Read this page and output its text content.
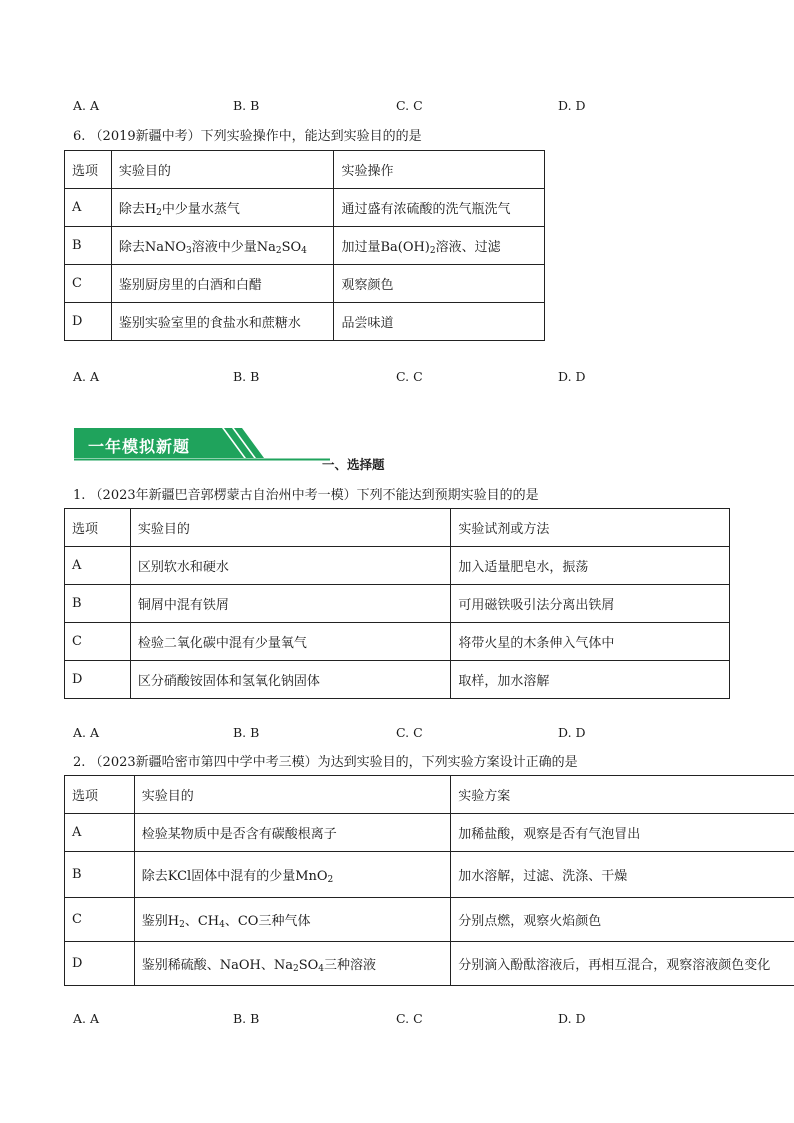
A. A	B. B	C. C	D. D
6. （2019新疆中考）下列实验操作中，能达到实验目的的是
选项	实验目的	实验操作
A	除去$H_2$中少量水蒸气	通过盛有浓硫酸的洗气瓶洗气
B	除去NaNO$_3$溶液中少量$Na_2SO_4$	加过量$Ba(OH)_2$溶液、过滤
C	鉴别厨房里的白酒和白醋	观察颜色
D	鉴别实验室里的食盐水和蔗糖水	品尝味道
A. A	B. B	C. C	D. D
一年模拟新题
一、选择题
1. （2023年新疆巴音郭楞蒙古自治州中考一模）下列不能达到预期实验目的的是
选项	实验目的	实验试剂或方法
A	区别软水和硬水	加入适量肥皂水，振荡
B	铜屑中混有铁屑	可用磁铁吸引法分离出铁屑
C	检验二氧化碳中混有少量氧气	将带火星的木条伸入气体中
D	区分硝酸铵固体和氢氧化钠固体	取样，加水溶解
A. A	B. B	C. C	D. D
2. （2023新疆哈密市第四中学中考三模）为达到实验目的，下列实验方案设计正确的是
选项	实验目的	实验方案
A	检验某物质中是否含有碳酸根离子	加稀盐酸，观察是否有气泡冒出
B	除去KCl固体中混有的少量MnO$_2$	加水溶解，过滤、洗涤、干燥
C	鉴别$H_2$、$CH_4$、CO三种气体	分别点燃，观察火焰颜色
D	鉴别稀硫酸、NaOH、$Na_2SO_4$三种溶液	分别滴入酚酞溶液后，再相互混合，观察溶液颜色变化
A. A	B. B	C. C	D. D
